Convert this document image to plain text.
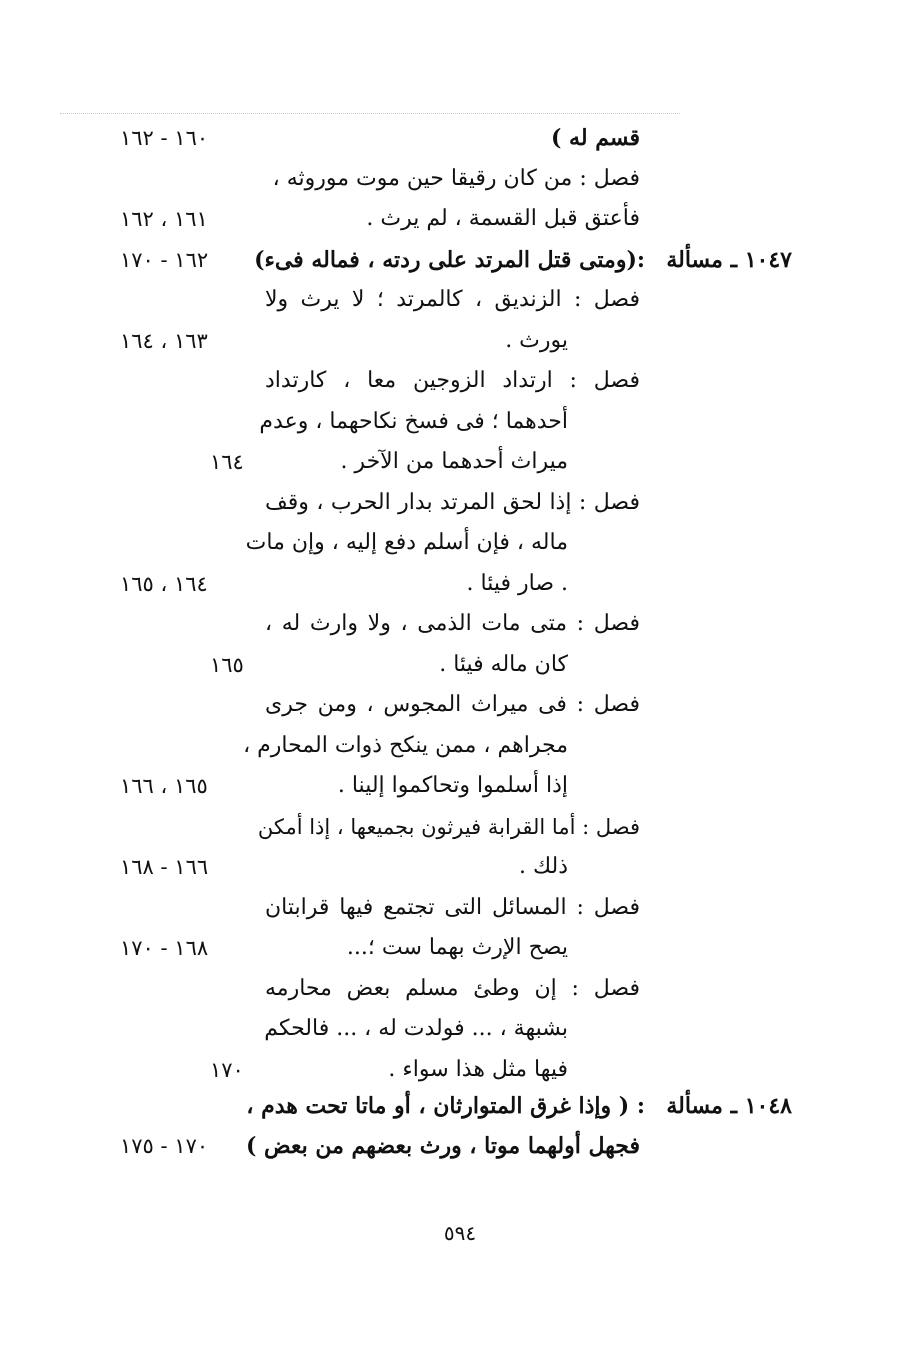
قسم له )
١٦٠ - ١٦٢
فصل : من كان رقيقا حين موت موروثه ،
فأعتق قبل القسمة ، لم يرث .
١٦١ ، ١٦٢
١٠٤٧ ـ مسألة
:(ومتى قتل المرتد على ردته ، فماله فىء)
١٦٢ - ١٧٠
فصل : الزنديق ، كالمرتد ؛ لا يرث ولا
يورث .
١٦٣ ، ١٦٤
فصل : ارتداد الزوجين معا ، كارتداد
أحدهما ؛ فى فسخ نكاحهما ، وعدم
ميراث أحدهما من الآخر .
١٦٤
فصل : إذا لحق المرتد بدار الحرب ، وقف
ماله ، فإن أسلم دفع إليه ، وإن مات
. صار فيئا .
١٦٤ ، ١٦٥
فصل : متى مات الذمى ، ولا وارث له ،
كان ماله فيئا .
١٦٥
فصل : فى ميراث المجوس ، ومن جرى
مجراهم ، ممن ينكح ذوات المحارم ،
إذا أسلموا وتحاكموا إلينا .
١٦٥ ، ١٦٦
فصل : أما القرابة فيرثون بجميعها ، إذا أمكن
ذلك .
١٦٦ - ١٦٨
فصل : المسائل التى تجتمع فيها قرابتان
يصح الإرث بهما ست ؛...
١٦٨ - ١٧٠
فصل : إن وطئ مسلم بعض محارمه
بشبهة ، ... فولدت له ، ... فالحكم
فيها مثل هذا سواء .
١٧٠
١٠٤٨ ـ مسألة
: ( وإذا غرق المتوارثان ، أو ماتا تحت هدم ،
فجهل أولهما موتا ، ورث بعضهم من بعض )
١٧٠ - ١٧٥
٥٩٤
